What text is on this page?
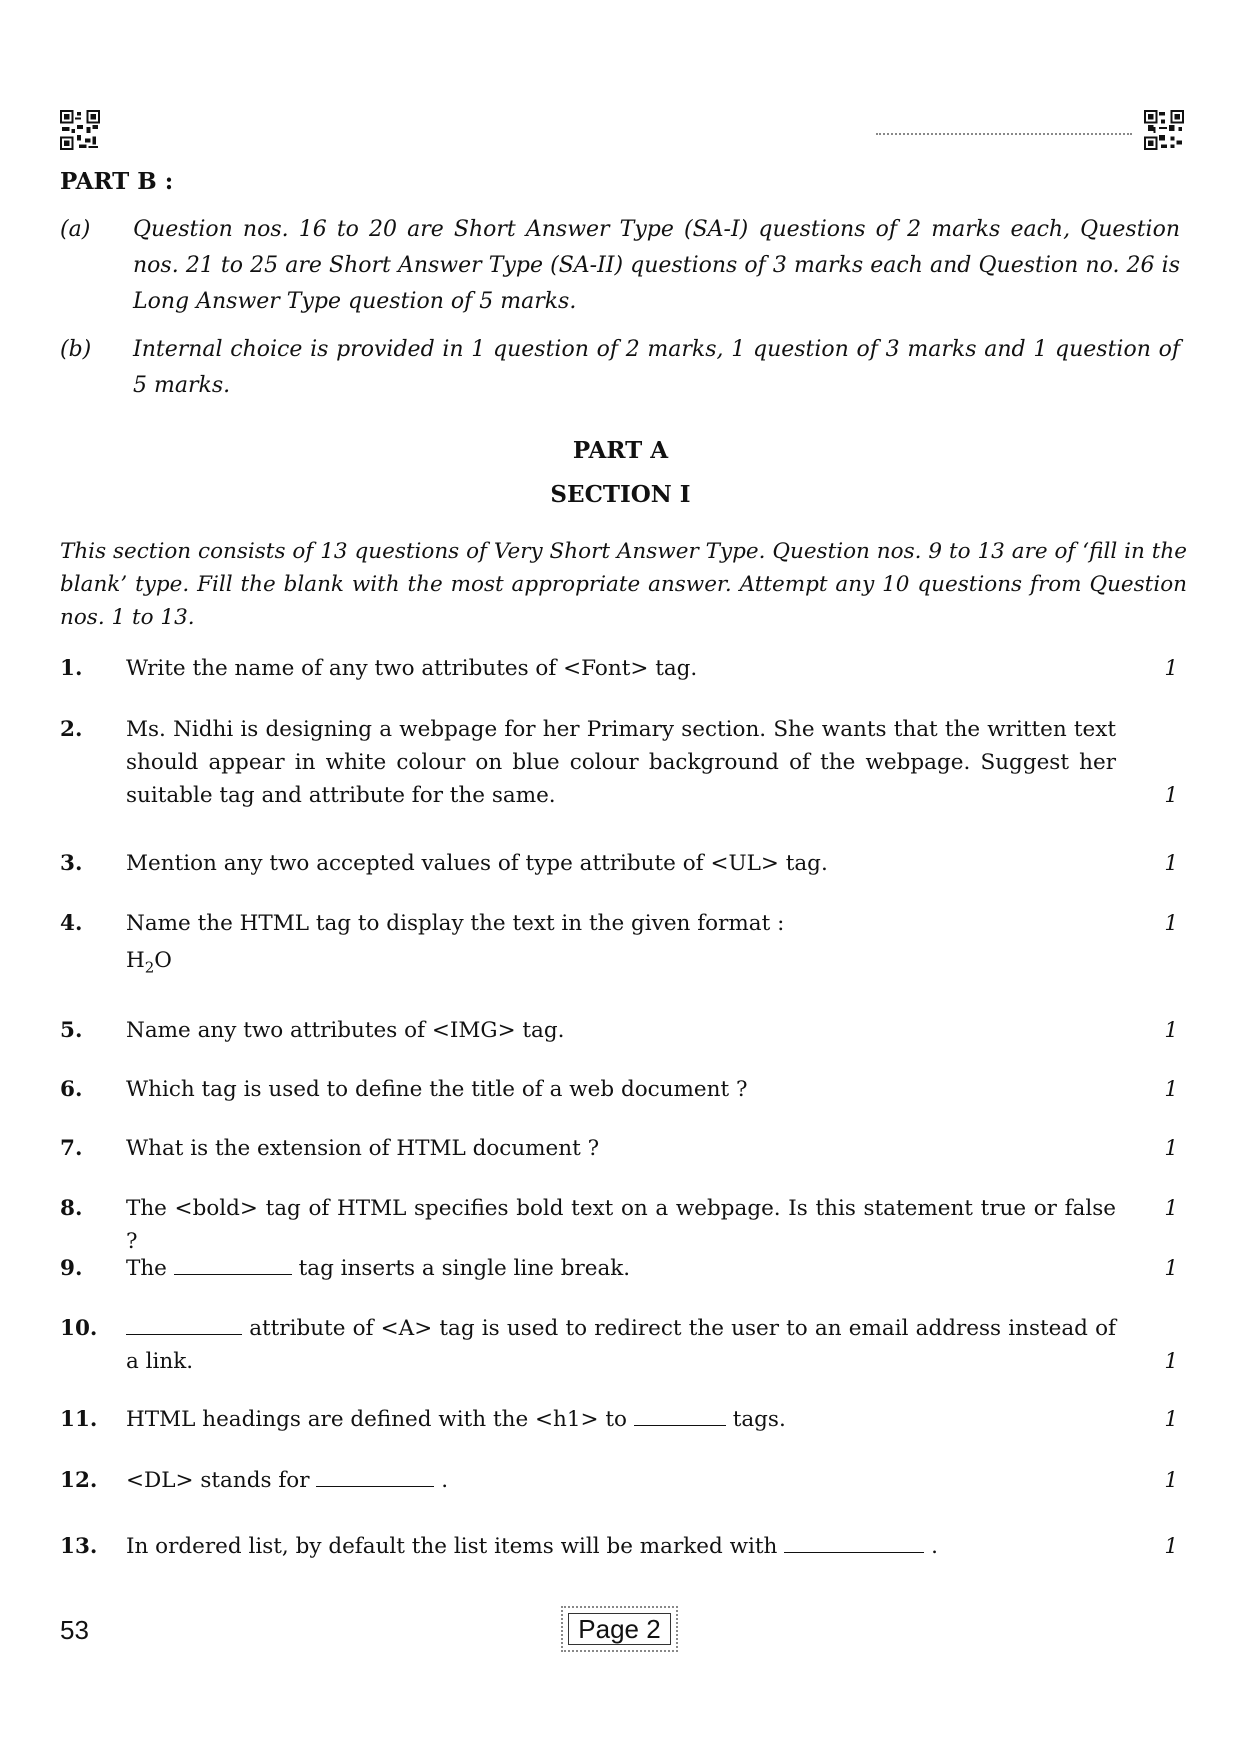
PART B :
(a) Question nos. 16 to 20 are Short Answer Type (SA-I) questions of 2 marks each, Question nos. 21 to 25 are Short Answer Type (SA-II) questions of 3 marks each and Question no. 26 is Long Answer Type question of 5 marks.
(b) Internal choice is provided in 1 question of 2 marks, 1 question of 3 marks and 1 question of 5 marks.
PART A
SECTION I
This section consists of 13 questions of Very Short Answer Type. Question nos. 9 to 13 are of ‘fill in the blank’ type. Fill the blank with the most appropriate answer. Attempt any 10 questions from Question nos. 1 to 13.
1. Write the name of any two attributes of <Font> tag.	1
2. Ms. Nidhi is designing a webpage for her Primary section. She wants that the written text should appear in white colour on blue colour background of the webpage. Suggest her suitable tag and attribute for the same.	1
3. Mention any two accepted values of type attribute of <UL> tag.	1
4. Name the HTML tag to display the text in the given format :
$H_2O$
1
5. Name any two attributes of <IMG> tag.	1
6. Which tag is used to define the title of a web document ?	1
7. What is the extension of HTML document ?	1
8. The <bold> tag of HTML specifies bold text on a webpage. Is this statement true or false ?
1
9. The	tag inserts a single line break.	1
10.	attribute of <A> tag is used to redirect the user to an email address instead of a link.	1
11. HTML headings are defined with the <h1> to	tags.	1
12. <DL> stands for	.	1
13. In ordered list, by default the list items will be marked with	.	1
53	Page 2
